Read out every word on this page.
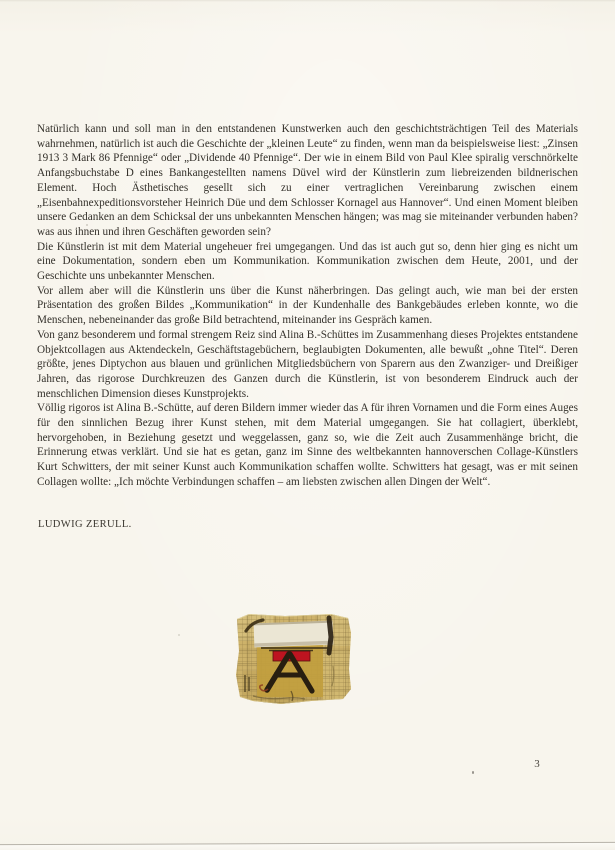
Natürlich kann und soll man in den entstandenen Kunstwerken auch den geschichtsträchtigen Teil des Materials wahrnehmen, natürlich ist auch die Geschichte der „kleinen Leute“ zu finden, wenn man da beispielsweise liest: „Zinsen 1913 3 Mark 86 Pfennige“ oder „Dividende 40 Pfennige“. Der wie in einem Bild von Paul Klee spiralig verschnörkelte Anfangsbuchstabe D eines Bankangestellten namens Düvel wird der Künstlerin zum liebreizenden bildnerischen Element. Hoch Ästhetisches gesellt sich zu einer vertraglichen Vereinbarung zwischen einem „Eisenbahnexpeditionsvorsteher Heinrich Düe und dem Schlosser Kornagel aus Hannover“. Und einen Moment bleiben unsere Gedanken an dem Schicksal der uns unbekannten Menschen hängen; was mag sie miteinander verbunden haben? was aus ihnen und ihren Geschäften geworden sein?

Die Künstlerin ist mit dem Material ungeheuer frei umgegangen. Und das ist auch gut so, denn hier ging es nicht um eine Dokumentation, sondern eben um Kommunikation. Kommunikation zwischen dem Heute, 2001, und der Geschichte uns unbekannter Menschen.

Vor allem aber will die Künstlerin uns über die Kunst näherbringen. Das gelingt auch, wie man bei der ersten Präsentation des großen Bildes „Kommunikation“ in der Kundenhalle des Bankgebäudes erleben konnte, wo die Menschen, nebeneinander das große Bild betrachtend, miteinander ins Gespräch kamen.

Von ganz besonderem und formal strengem Reiz sind Alina B.-Schüttes im Zusammenhang dieses Projektes entstandene Objektcollagen aus Aktendeckeln, Geschäftstagebüchern, beglaubigten Dokumenten, alle bewußt „ohne Titel“. Deren größte, jenes Diptychon aus blauen und grünlichen Mitgliedsbüchern von Sparern aus den Zwanziger- und Dreißiger Jahren, das rigorose Durchkreuzen des Ganzen durch die Künstlerin, ist von besonderem Eindruck auch der menschlichen Dimension dieses Kunstprojekts.

Völlig rigoros ist Alina B.-Schütte, auf deren Bildern immer wieder das A für ihren Vornamen und die Form eines Auges für den sinnlichen Bezug ihrer Kunst stehen, mit dem Material umgegangen. Sie hat collagiert, überklebt, hervorgehoben, in Beziehung gesetzt und weggelassen, ganz so, wie die Zeit auch Zusammenhänge bricht, die Erinnerung etwas verklärt. Und sie hat es getan, ganz im Sinne des weltbekannten hannoverschen Collage-Künstlers Kurt Schwitters, der mit seiner Kunst auch Kommunikation schaffen wollte. Schwitters hat gesagt, was er mit seinen Collagen wollte: „Ich möchte Verbindungen schaffen – am liebsten zwischen allen Dingen der Welt“.

LUDWIG ZERULL.
3
